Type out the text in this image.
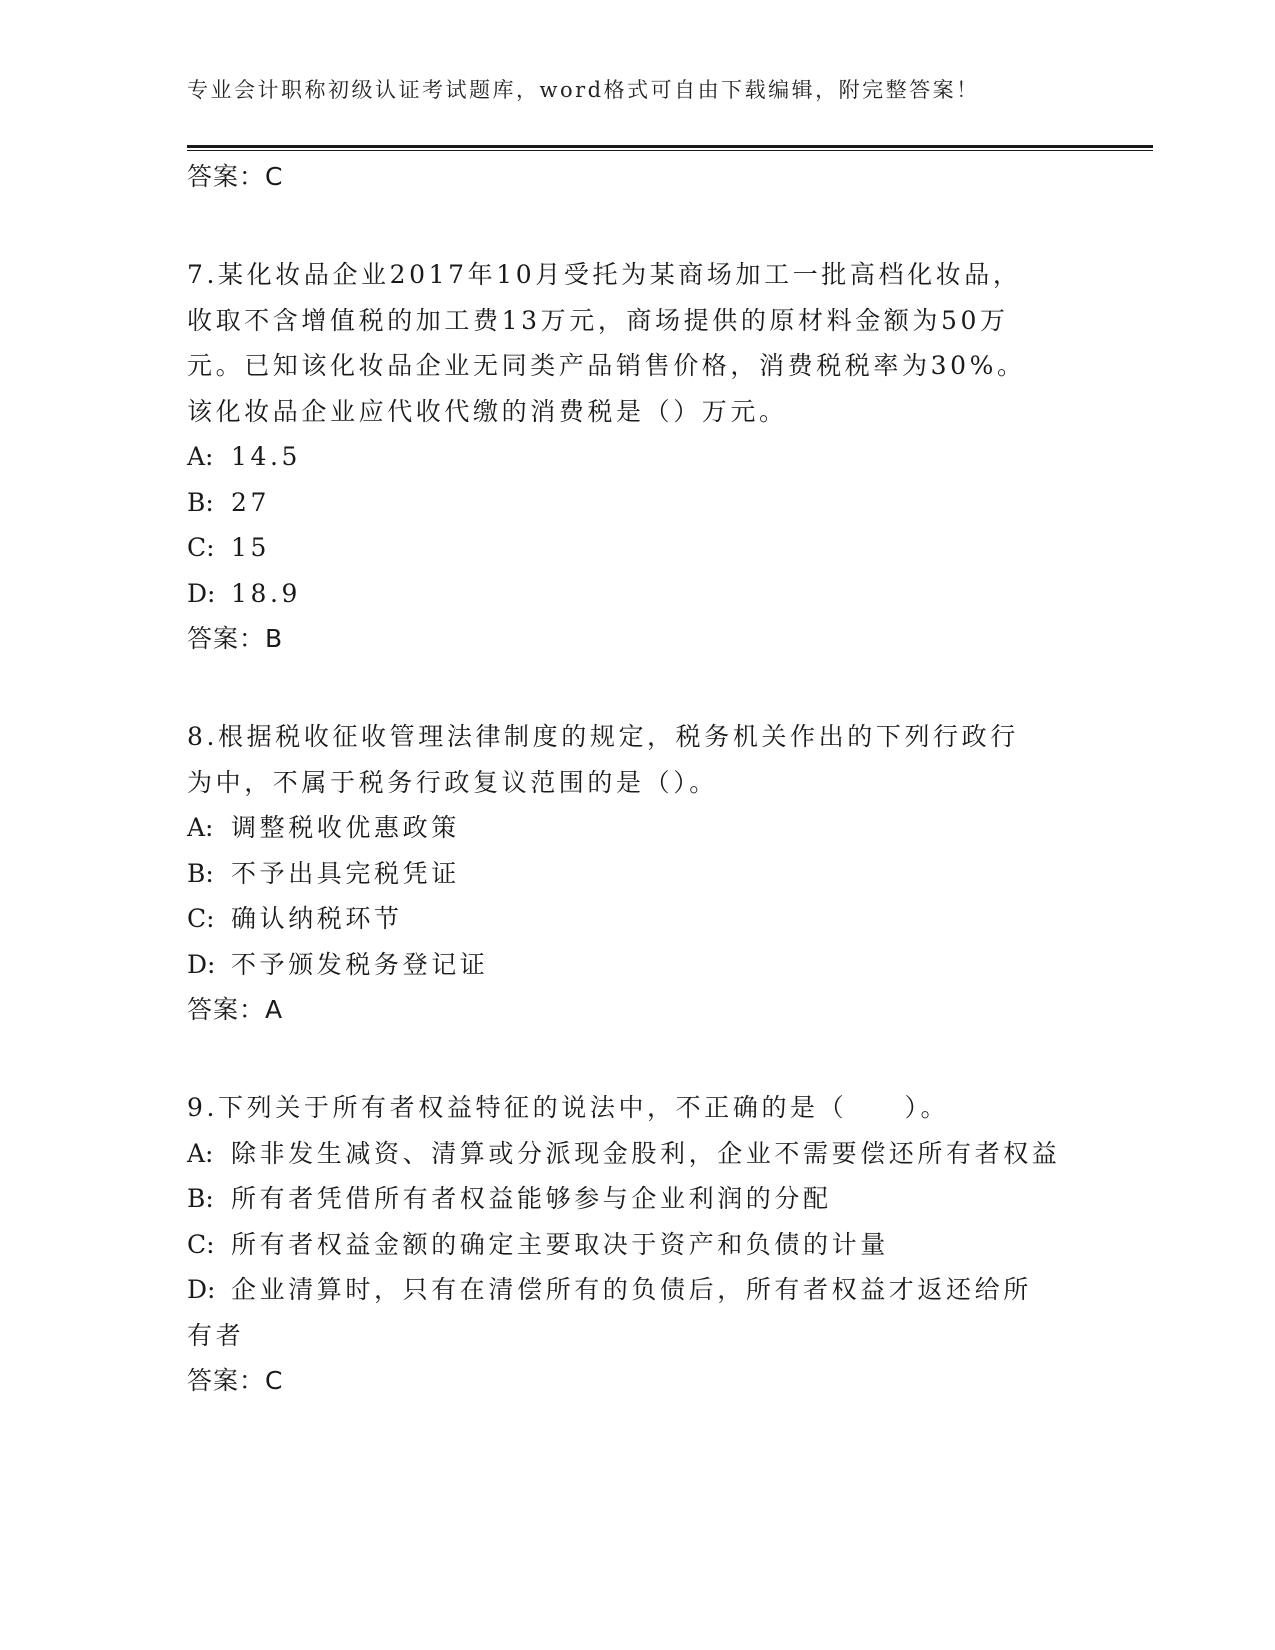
专业会计职称初级认证考试题库，word格式可自由下载编辑，附完整答案！
答案：C

7.某化妆品企业2017年10月受托为某商场加工一批高档化妆品，收取不含增值税的加工费13万元，商场提供的原材料金额为50万元。已知该化妆品企业无同类产品销售价格，消费税税率为30%。该化妆品企业应代收代缴的消费税是（）万元。

A: 14.5
B: 27
C: 15
D: 18.9
答案：B

8.根据税收征收管理法律制度的规定，税务机关作出的下列行政行为中，不属于税务行政复议范围的是（）。

A: 调整税收优惠政策
B: 不予出具完税凭证
C: 确认纳税环节
D: 不予颁发税务登记证
答案：A

9.下列关于所有者权益特征的说法中，不正确的是（　　）。

A: 除非发生减资、清算或分派现金股利，企业不需要偿还所有者权益
B: 所有者凭借所有者权益能够参与企业利润的分配
C: 所有者权益金额的确定主要取决于资产和负债的计量
D: 企业清算时，只有在清偿所有的负债后，所有者权益才返还给所有者
答案：C
